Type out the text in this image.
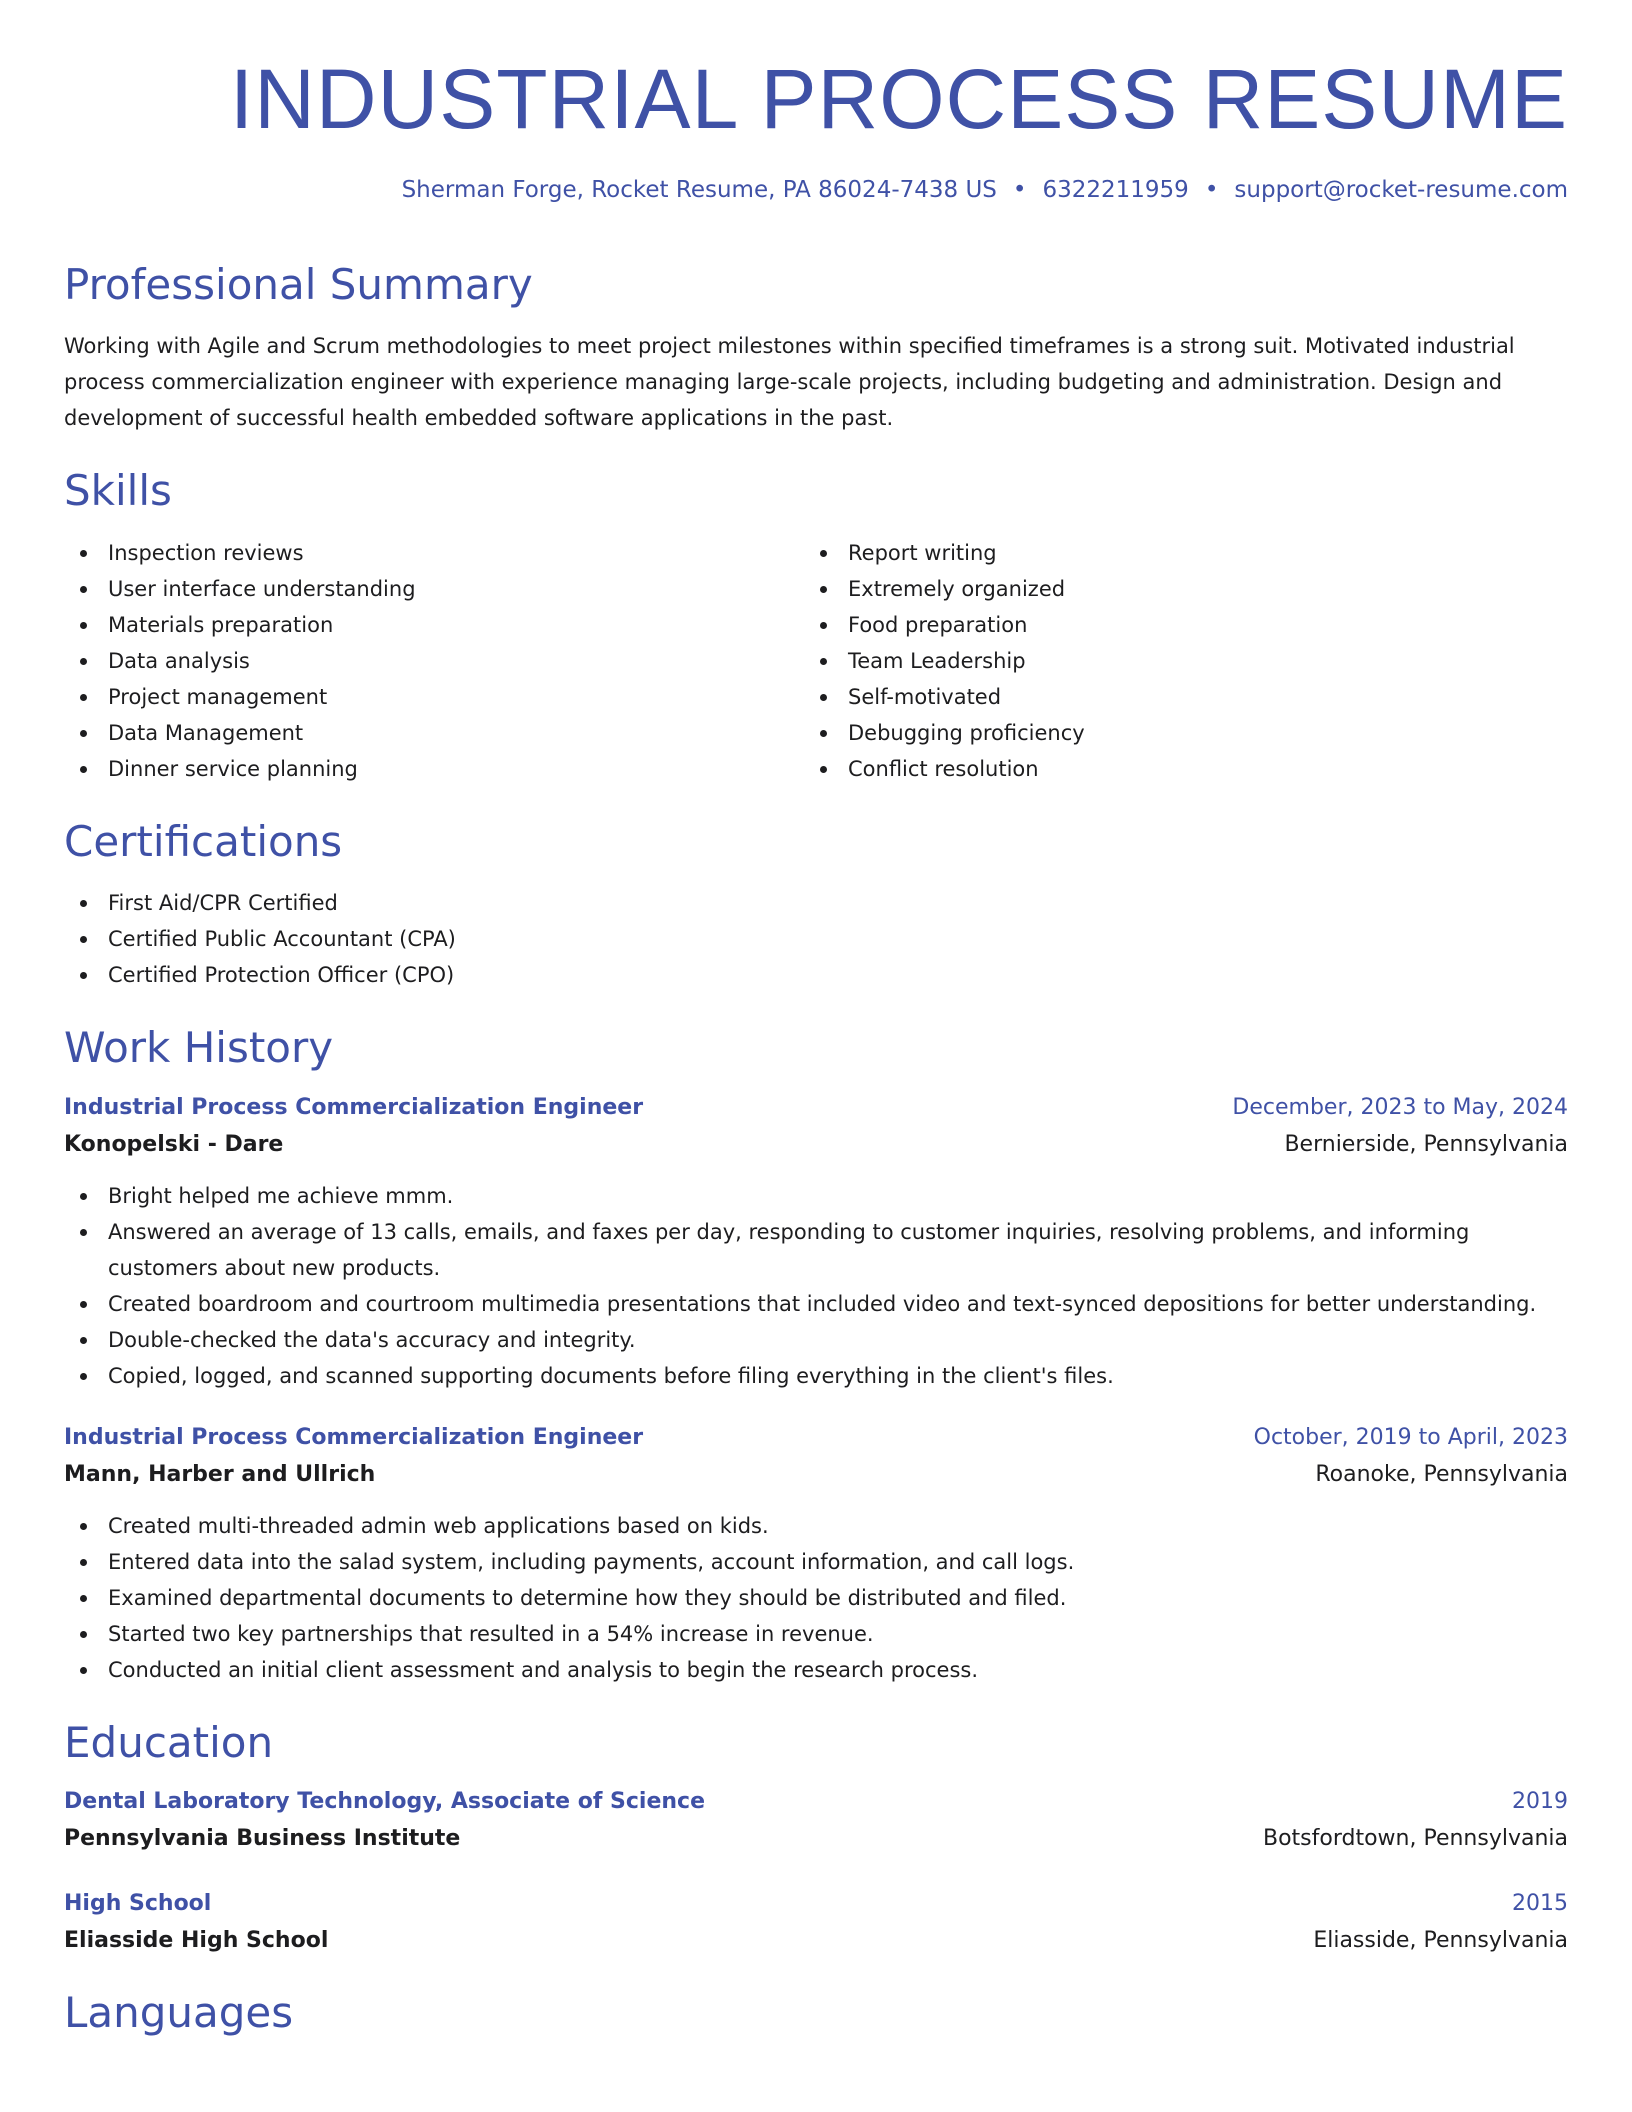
INDUSTRIAL PROCESS RESUME
Sherman Forge, Rocket Resume, PA 86024-7438 US • 6322211959 • support@rocket-resume.com
Professional Summary

Working with Agile and Scrum methodologies to meet project milestones within specified timeframes is a strong suit. Motivated industrial process commercialization engineer with experience managing large-scale projects, including budgeting and administration. Design and development of successful health embedded software applications in the past.

Skills
Inspection reviews
User interface understanding
Materials preparation
Data analysis
Project management
Data Management
Dinner service planning
Report writing
Extremely organized
Food preparation
Team Leadership
Self-motivated
Debugging proficiency
Conflict resolution
Certifications
First Aid/CPR Certified
Certified Public Accountant (CPA)
Certified Protection Officer (CPO)
Work History
Industrial Process Commercialization Engineer	December, 2023 to May, 2024
Konopelski - Dare	Bernierside, Pennsylvania
Bright helped me achieve mmm.
Answered an average of 13 calls, emails, and faxes per day, responding to customer inquiries, resolving problems, and informing customers about new products.
Created boardroom and courtroom multimedia presentations that included video and text-synced depositions for better understanding.
Double-checked the data's accuracy and integrity.
Copied, logged, and scanned supporting documents before filing everything in the client's files.
Industrial Process Commercialization Engineer	October, 2019 to April, 2023
Mann, Harber and Ullrich	Roanoke, Pennsylvania
Created multi-threaded admin web applications based on kids.
Entered data into the salad system, including payments, account information, and call logs.
Examined departmental documents to determine how they should be distributed and filed.
Started two key partnerships that resulted in a 54% increase in revenue.
Conducted an initial client assessment and analysis to begin the research process.
Education
Dental Laboratory Technology, Associate of Science	2019
Pennsylvania Business Institute	Botsfordtown, Pennsylvania
High School	2015
Eliasside High School	Eliasside, Pennsylvania
Languages
